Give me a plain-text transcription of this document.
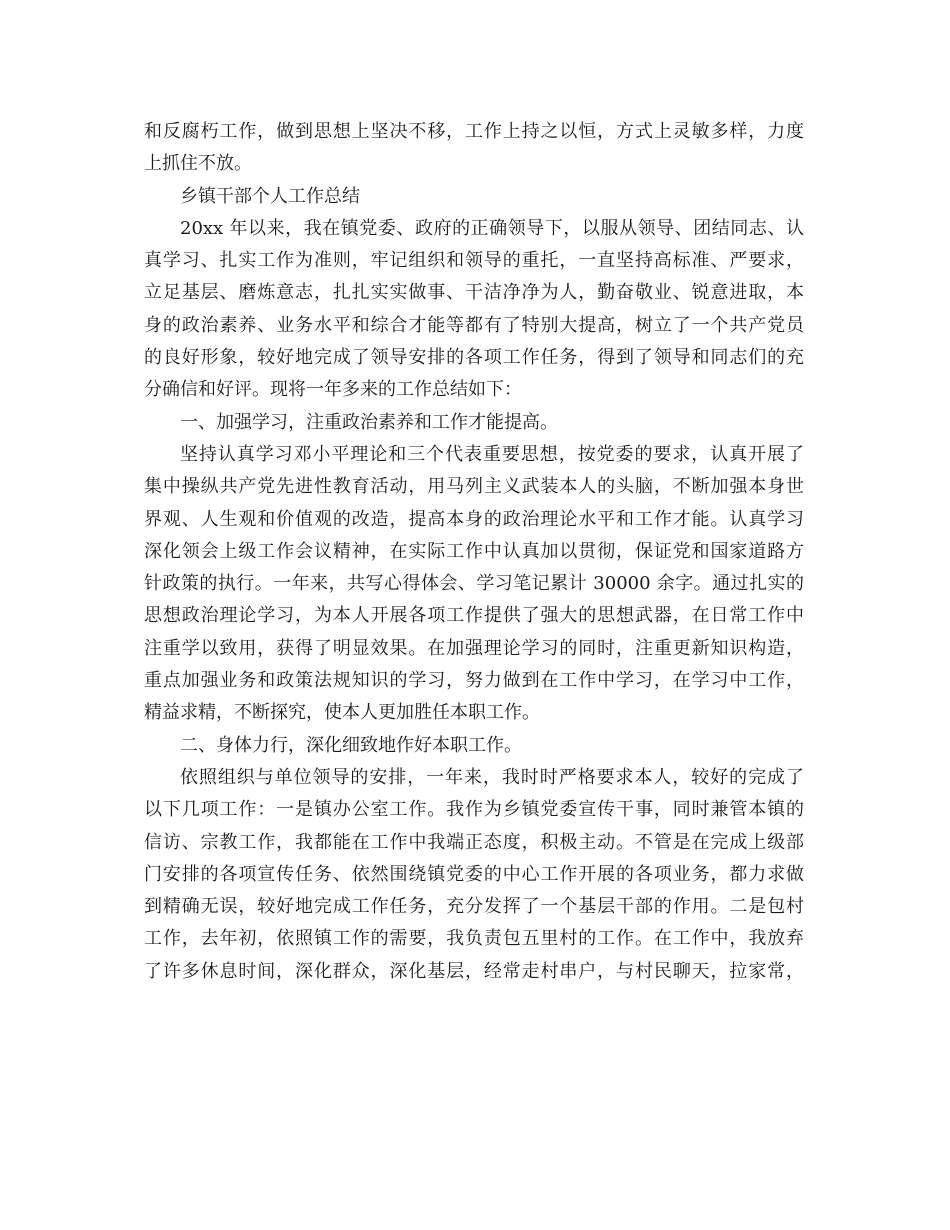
和反腐朽工作，做到思想上坚决不移，工作上持之以恒，方式上灵敏多样，力度
上抓住不放。
乡镇干部个人工作总结
20xx 年以来，我在镇党委、政府的正确领导下，以服从领导、团结同志、认
真学习、扎实工作为准则，牢记组织和领导的重托，一直坚持高标准、严要求，
立足基层、磨炼意志，扎扎实实做事、干洁净净为人，勤奋敬业、锐意进取，本
身的政治素养、业务水平和综合才能等都有了特别大提高，树立了一个共产党员
的良好形象，较好地完成了领导安排的各项工作任务，得到了领导和同志们的充
分确信和好评。现将一年多来的工作总结如下：
一、加强学习，注重政治素养和工作才能提高。
坚持认真学习邓小平理论和三个代表重要思想，按党委的要求，认真开展了
集中操纵共产党先进性教育活动，用马列主义武装本人的头脑，不断加强本身世
界观、人生观和价值观的改造，提高本身的政治理论水平和工作才能。认真学习
深化领会上级工作会议精神，在实际工作中认真加以贯彻，保证党和国家道路方
针政策的执行。一年来，共写心得体会、学习笔记累计 30000 余字。通过扎实的
思想政治理论学习，为本人开展各项工作提供了强大的思想武器，在日常工作中
注重学以致用，获得了明显效果。在加强理论学习的同时，注重更新知识构造，
重点加强业务和政策法规知识的学习，努力做到在工作中学习，在学习中工作，
精益求精，不断探究，使本人更加胜任本职工作。
二、身体力行，深化细致地作好本职工作。
依照组织与单位领导的安排，一年来，我时时严格要求本人，较好的完成了
以下几项工作：一是镇办公室工作。我作为乡镇党委宣传干事，同时兼管本镇的
信访、宗教工作，我都能在工作中我端正态度，积极主动。不管是在完成上级部
门安排的各项宣传任务、依然围绕镇党委的中心工作开展的各项业务，都力求做
到精确无误，较好地完成工作任务，充分发挥了一个基层干部的作用。二是包村
工作，去年初，依照镇工作的需要，我负责包五里村的工作。在工作中，我放弃
了许多休息时间，深化群众，深化基层，经常走村串户，与村民聊天，拉家常，
